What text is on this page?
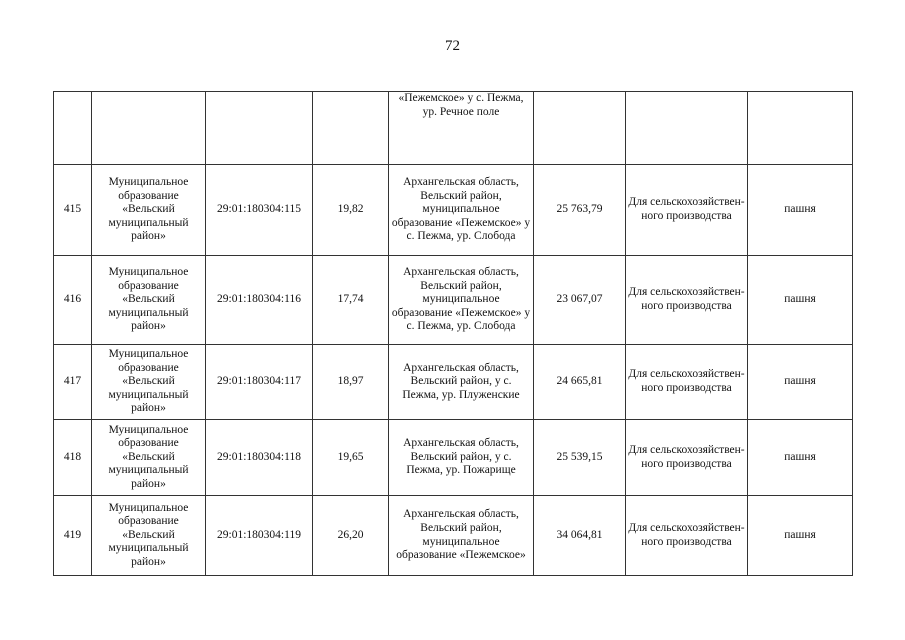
72
				«Пежемское» у с. Пежма, ур. Речное поле			
415	Муниципальное образование «Вельский муниципальный район»	29:01:180304:115	19,82	Архангельская область, Вельский район, муниципальное образование «Пежемское» у с. Пежма, ур. Слобода	25 763,79	Для сельскохозяйствен-ного производства	пашня
416	Муниципальное образование «Вельский муниципальный район»	29:01:180304:116	17,74	Архангельская область, Вельский район, муниципальное образование «Пежемское» у с. Пежма, ур. Слобода	23 067,07	Для сельскохозяйствен-ного производства	пашня
417	Муниципальное образование «Вельский муниципальный район»	29:01:180304:117	18,97	Архангельская область, Вельский район, у с. Пежма, ур. Плуженские	24 665,81	Для сельскохозяйствен-ного производства	пашня
418	Муниципальное образование «Вельский муниципальный район»	29:01:180304:118	19,65	Архангельская область, Вельский район, у с. Пежма, ур. Пожарище	25 539,15	Для сельскохозяйствен-ного производства	пашня
419	Муниципальное образование «Вельский муниципальный район»	29:01:180304:119	26,20	Архангельская область, Вельский район, муниципальное образование «Пежемское»	34 064,81	Для сельскохозяйствен-ного производства	пашня
